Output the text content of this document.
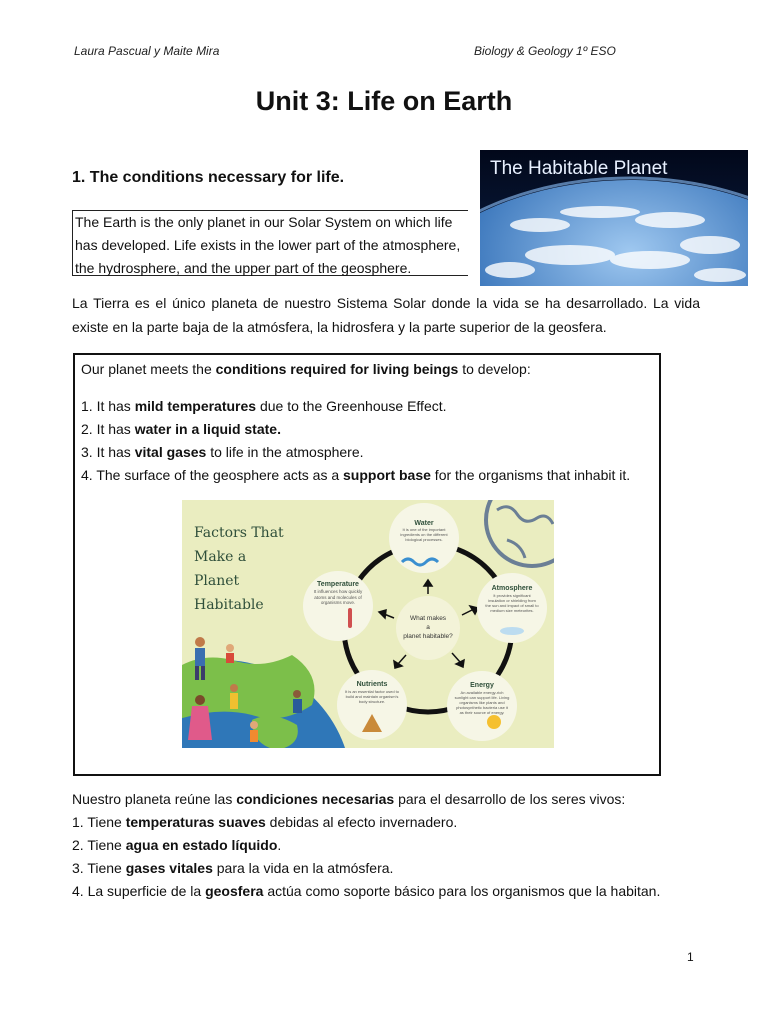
Laura Pascual y Maite Mira	Biology & Geology 1º ESO
Unit 3: Life on Earth
1. The conditions necessary for life.
The Earth is the only planet in our Solar System on which life
has developed. Life exists in the lower part of the atmosphere,
the hydrosphere, and the upper part of the geosphere.
The Habitable Planet
La Tierra es el único planeta de nuestro Sistema Solar donde la vida se ha desarrollado. La vida existe en la parte baja de la atmósfera, la hidrosfera y la parte superior de la geosfera.
Our planet meets the conditions required for living beings to develop:
1. It has mild temperatures due to the Greenhouse Effect.
2. It has water in a liquid state.
3. It has vital gases to life in the atmosphere.
4. The surface of the geosphere acts as a support base for the organisms that inhabit it.
Factors That
Make a
Planet
Habitable
What makes
a
planet habitable?
Water
It is one of the important ingredients on the different biological processes.
Atmosphere
It provides significant insulation or shielding from the sun and impact of small to medium size meteorites.
Energy
An available energy-rich sunlight can support life. Living organisms like plants and photosynthetic bacteria use it as their source of energy.
Nutrients
It is an essential factor used to build and maintain organism's body structure.
Temperature
It influences how quickly atoms and molecules of organisms move.
Nuestro planeta reúne las condiciones necesarias para el desarrollo de los seres vivos:
1. Tiene temperaturas suaves debidas al efecto invernadero.
2. Tiene agua en estado líquido.
3. Tiene gases vitales para la vida en la atmósfera.
4. La superficie de la geosfera actúa como soporte básico para los organismos que la habitan.
1
